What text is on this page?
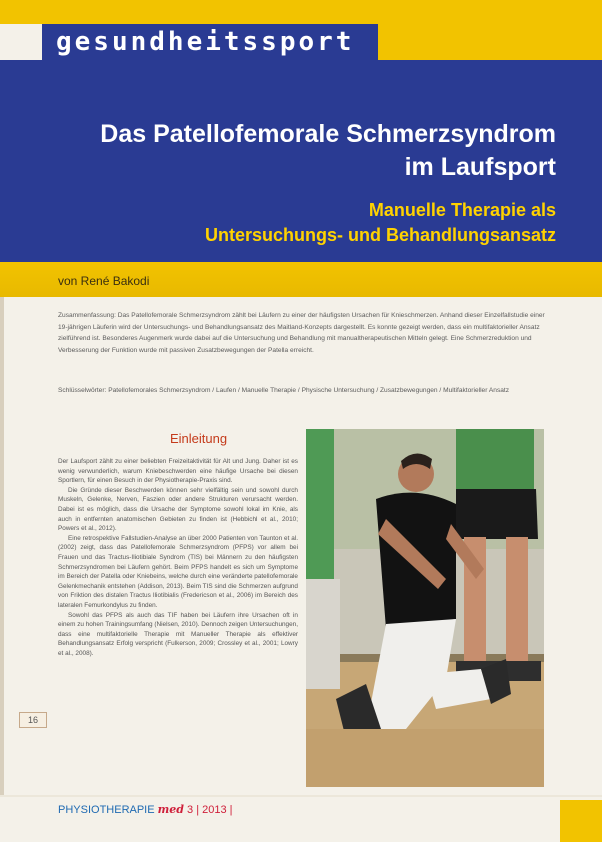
gesundheitssport
Das Patellofemorale Schmerzsyndrom
im Laufsport
Manuelle Therapie als
Untersuchungs- und Behandlungsansatz
von René Bakodi
Zusammenfassung: Das Patellofemorale Schmerzsyndrom zählt bei Läufern zu einer der häufigsten Ursachen für Knieschmerzen. Anhand dieser Einzelfallstudie einer 19-jährigen Läuferin wird der Untersuchungs- und Behandlungsansatz des Maitland-Konzepts dargestellt. Es konnte gezeigt werden, dass ein multifaktorieller Ansatz zielführend ist. Besonderes Augenmerk wurde dabei auf die Untersuchung und Behandlung mit manualtherapeutischen Mitteln gelegt. Eine Schmerzreduktion und Verbesserung der Funktion wurde mit passiven Zusatzbewegungen der Patella erreicht.
Schlüsselwörter: Patellofemorales Schmerzsyndrom / Laufen / Manuelle Therapie / Physische Untersuchung / Zusatzbewegungen / Multifaktorieller Ansatz
Einleitung

Der Laufsport zählt zu einer beliebten Freizeitaktivität für Alt und Jung. Daher ist es wenig verwunderlich, warum Kniebeschwerden eine häufige Ursache bei diesen Sportlern, für einen Besuch in der Physiotherapie-Praxis sind.

Die Gründe dieser Beschwerden können sehr vielfältig sein und sowohl durch Muskeln, Gelenke, Nerven, Faszien oder andere Strukturen verursacht werden. Dabei ist es möglich, dass die Ursache der Symptome sowohl lokal im Knie, als auch in entfernten anatomischen Gebieten zu finden ist (Hebbichl et al., 2010; Powers et al., 2012).

Eine retrospektive Fallstudien-Analyse an über 2000 Patienten von Taunton et al. (2002) zeigt, dass das Patellofemorale Schmerzsyndrom (PFPS) vor allem bei Frauen und das Tractus-Iliotibiale Syndrom (TIS) bei Männern zu den häufigsten Schmerzsyndromen bei Läufern gehört. Beim PFPS handelt es sich um Symptome im Bereich der Patella oder Kniebeins, welche durch eine veränderte patellofemorale Gelenkmechanik entstehen (Addison, 2013). Beim TIS sind die Schmerzen aufgrund von Friktion des distalen Tractus Iliotibialis (Fredericson et al., 2006) im Bereich des lateralen Femurkondylus zu finden.

Sowohl das PFPS als auch das TIF haben bei Läufern ihre Ursachen oft in einem zu hohen Trainingsumfang (Nielsen, 2010). Dennoch zeigen Untersuchungen, dass eine multifaktorielle Therapie mit Manueller Therapie als effektiver Behandlungsansatz Erfolg verspricht (Fulkerson, 2009; Crossley et al., 2001; Lowry et al., 2008).

16
PHYSIOTHERAPIE med 3 | 2013 |
